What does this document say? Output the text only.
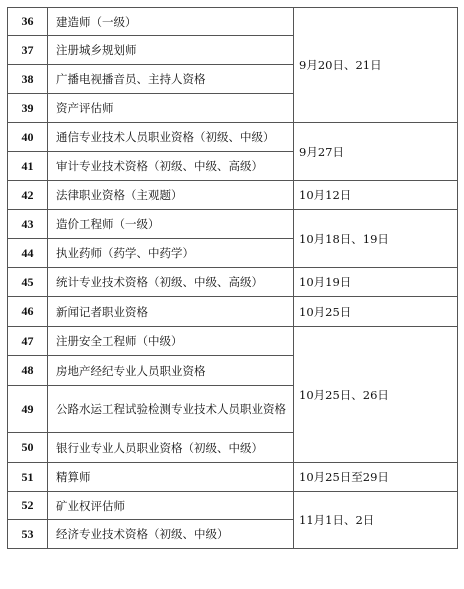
36	建造师（一级）	9月20日、21日
37	注册城乡规划师	
38	广播电视播音员、主持人资格	
39	资产评估师	
40	通信专业技术人员职业资格（初级、中级）	9月27日
41	审计专业技术资格（初级、中级、高级）	
42	法律职业资格（主观题）	10月12日
43	造价工程师（一级）	10月18日、19日
44	执业药师（药学、中药学）	
45	统计专业技术资格（初级、中级、高级）	10月19日
46	新闻记者职业资格	10月25日
47	注册安全工程师（中级）	10月25日、26日
48	房地产经纪专业人员职业资格	
49	公路水运工程试验检测专业技术人员职业资格	
50	银行业专业人员职业资格（初级、中级）	
51	精算师	10月25日至29日
52	矿业权评估师	11月1日、2日
53	经济专业技术资格（初级、中级）	
